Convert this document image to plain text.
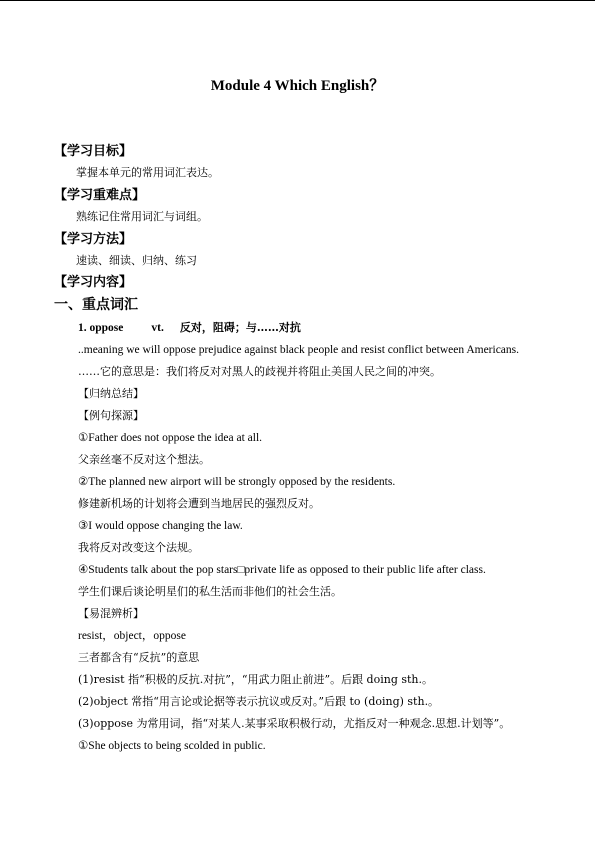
Module 4 Which English？
【学习目标】
掌握本单元的常用词汇表达。
【学习重难点】
熟练记住常用词汇与词组。
【学习方法】
速读、细读、归纳、练习
【学习内容】
一、重点词汇
1. oppose vt. 反对，阻碍；与……对抗
..meaning we will oppose prejudice against black people and resist conflict between Americans.
……它的意思是：我们将反对对黑人的歧视并将阻止美国人民之间的冲突。
【归纳总结】
【例句探源】
①Father does not oppose the idea at all.
父亲丝毫不反对这个想法。
②The planned new airport will be strongly opposed by the residents.
修建新机场的计划将会遭到当地居民的强烈反对。
③I would oppose changing the law.
我将反对改变这个法规。
④Students talk about the pop stars□private life as opposed to their public life after class.
学生们课后谈论明星们的私生活而非他们的社会生活。
【易混辨析】
resist，object，oppose
三者都含有“反抗”的意思
(1)resist 指“积极的反抗.对抗”，“用武力阻止前进”。后跟 doing sth.。
(2)object 常指“用言论或论据等表示抗议或反对。”后跟 to (doing) sth.。
(3)oppose 为常用词，指“对某人.某事采取积极行动，尤指反对一种观念.思想.计划等”。
①She objects to being scolded in public.
